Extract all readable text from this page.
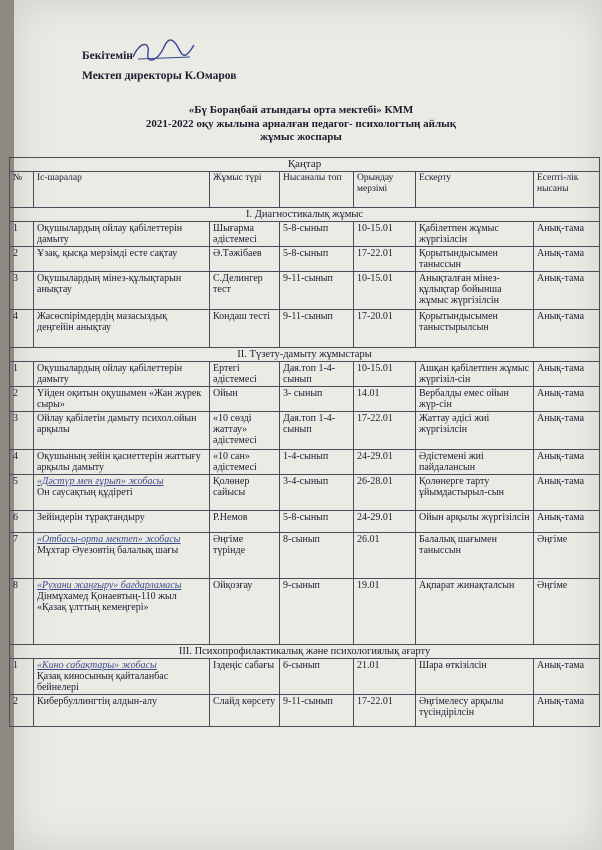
Бекітемін
Мектеп директоры К.Омаров
«Бү Бораңбай атындағы орта мектебі» КММ
2021-2022 оқу жылына арналған педагог- психологтың айлық
жұмыс жоспары
Қаңтар						
№	Іс-шаралар	Жұмыс түрі	Нысаналы топ	Орындау мерзімі	Ескерту	Есепті-лік нысаны
I. Диагностикалық жұмыс						
1	Оқушылардың ойлау қабілеттерін дамыту	Шығарма әдістемесі	5-8-сынып	10-15.01	Қабілетпен жұмыс жүргізілсін	Анық-тама
2	Ұзақ, қысқа мерзімді есте сақтау	Ә.Тәжібаев	5-8-сынып	17-22.01	Қорытындысымен таныссын	Анық-тама
3	Оқушылардың мінез-құлықтарын анықтау	С.Делингер тест	9-11-сынып	10-15.01	Анықталған мінез-құлықтар бойынша жұмыс жүргізілсін	Анық-тама
4	Жасөспірімдердің мазасыздық деңгейін анықтау	Кондаш тесті	9-11-сынып	17-20.01	Қорытындысымен таныстырылсын	Анық-тама
II. Түзету-дамыту жұмыстары						
1	Оқушылардың ойлау қабілеттерін дамыту	Ертегі әдістемесі	Дая.топ 1-4-сынып	10-15.01	Ашқан қабілетпен жұмыс жүргізіл-сін	Анық-тама
2	Үйден оқитын оқушымен «Жан жүрек сыры»	Ойын	3- сынып	14.01	Вербалды емес ойын жүр-сін	Анық-тама
3	Ойлау қабілетін дамыту психол.ойын арқылы	«10 сөзді жаттау» әдістемесі	Дая.топ 1-4-сынып	17-22.01	Жаттау әдісі жиі жүргізілсін	Анық-тама
4	Оқушының зейін қасиеттерін жаттығу арқылы дамыту	«10 сан» әдістемесі	1-4-сынып	24-29.01	Әдістемені жиі пайдалансын	Анық-тама
5	«Дәстүр мен ғұрып» жобасы
Он саусақтың құдіреті	Қолөнер сайысы	3-4-сынып	26-28.01	Қолөнерге тарту ұйымдастырыл-сын	Анық-тама
6	Зейіндерін тұрақтандыру	Р.Немов	5-8-сынып	24-29.01	Ойын арқылы жүргізілсін	Анық-тама
7	«Отбасы-орта мектеп» жобасы
Мұхтар Әуезовтің балалық шағы	Әңгіме түрінде	8-сынып	26.01	Балалық шағымен таныссын	Әңгіме
8	«Рухани жаңғыру» бағдарламасы
Дінмұхамед Қонаевтың-110 жыл «Қазақ ұлттың кемеңгері»	Ойқозғау	9-сынып	19.01	Ақпарат жинақталсын	Әңгіме
III. Психопрофилактикалық және психологиялық ағарту						
1	«Кино сабақтары» жобасы
Қазақ киносының қайталанбас бейнелері	Іздеңіс сабағы	6-сынып	21.01	Шара өткізілсін	Анық-тама
2	Кибербуллингтің алдын-алу	Слайд көрсету	9-11-сынып	17-22.01	Әңгімелесу арқылы түсіндірілсін	Анық-тама
